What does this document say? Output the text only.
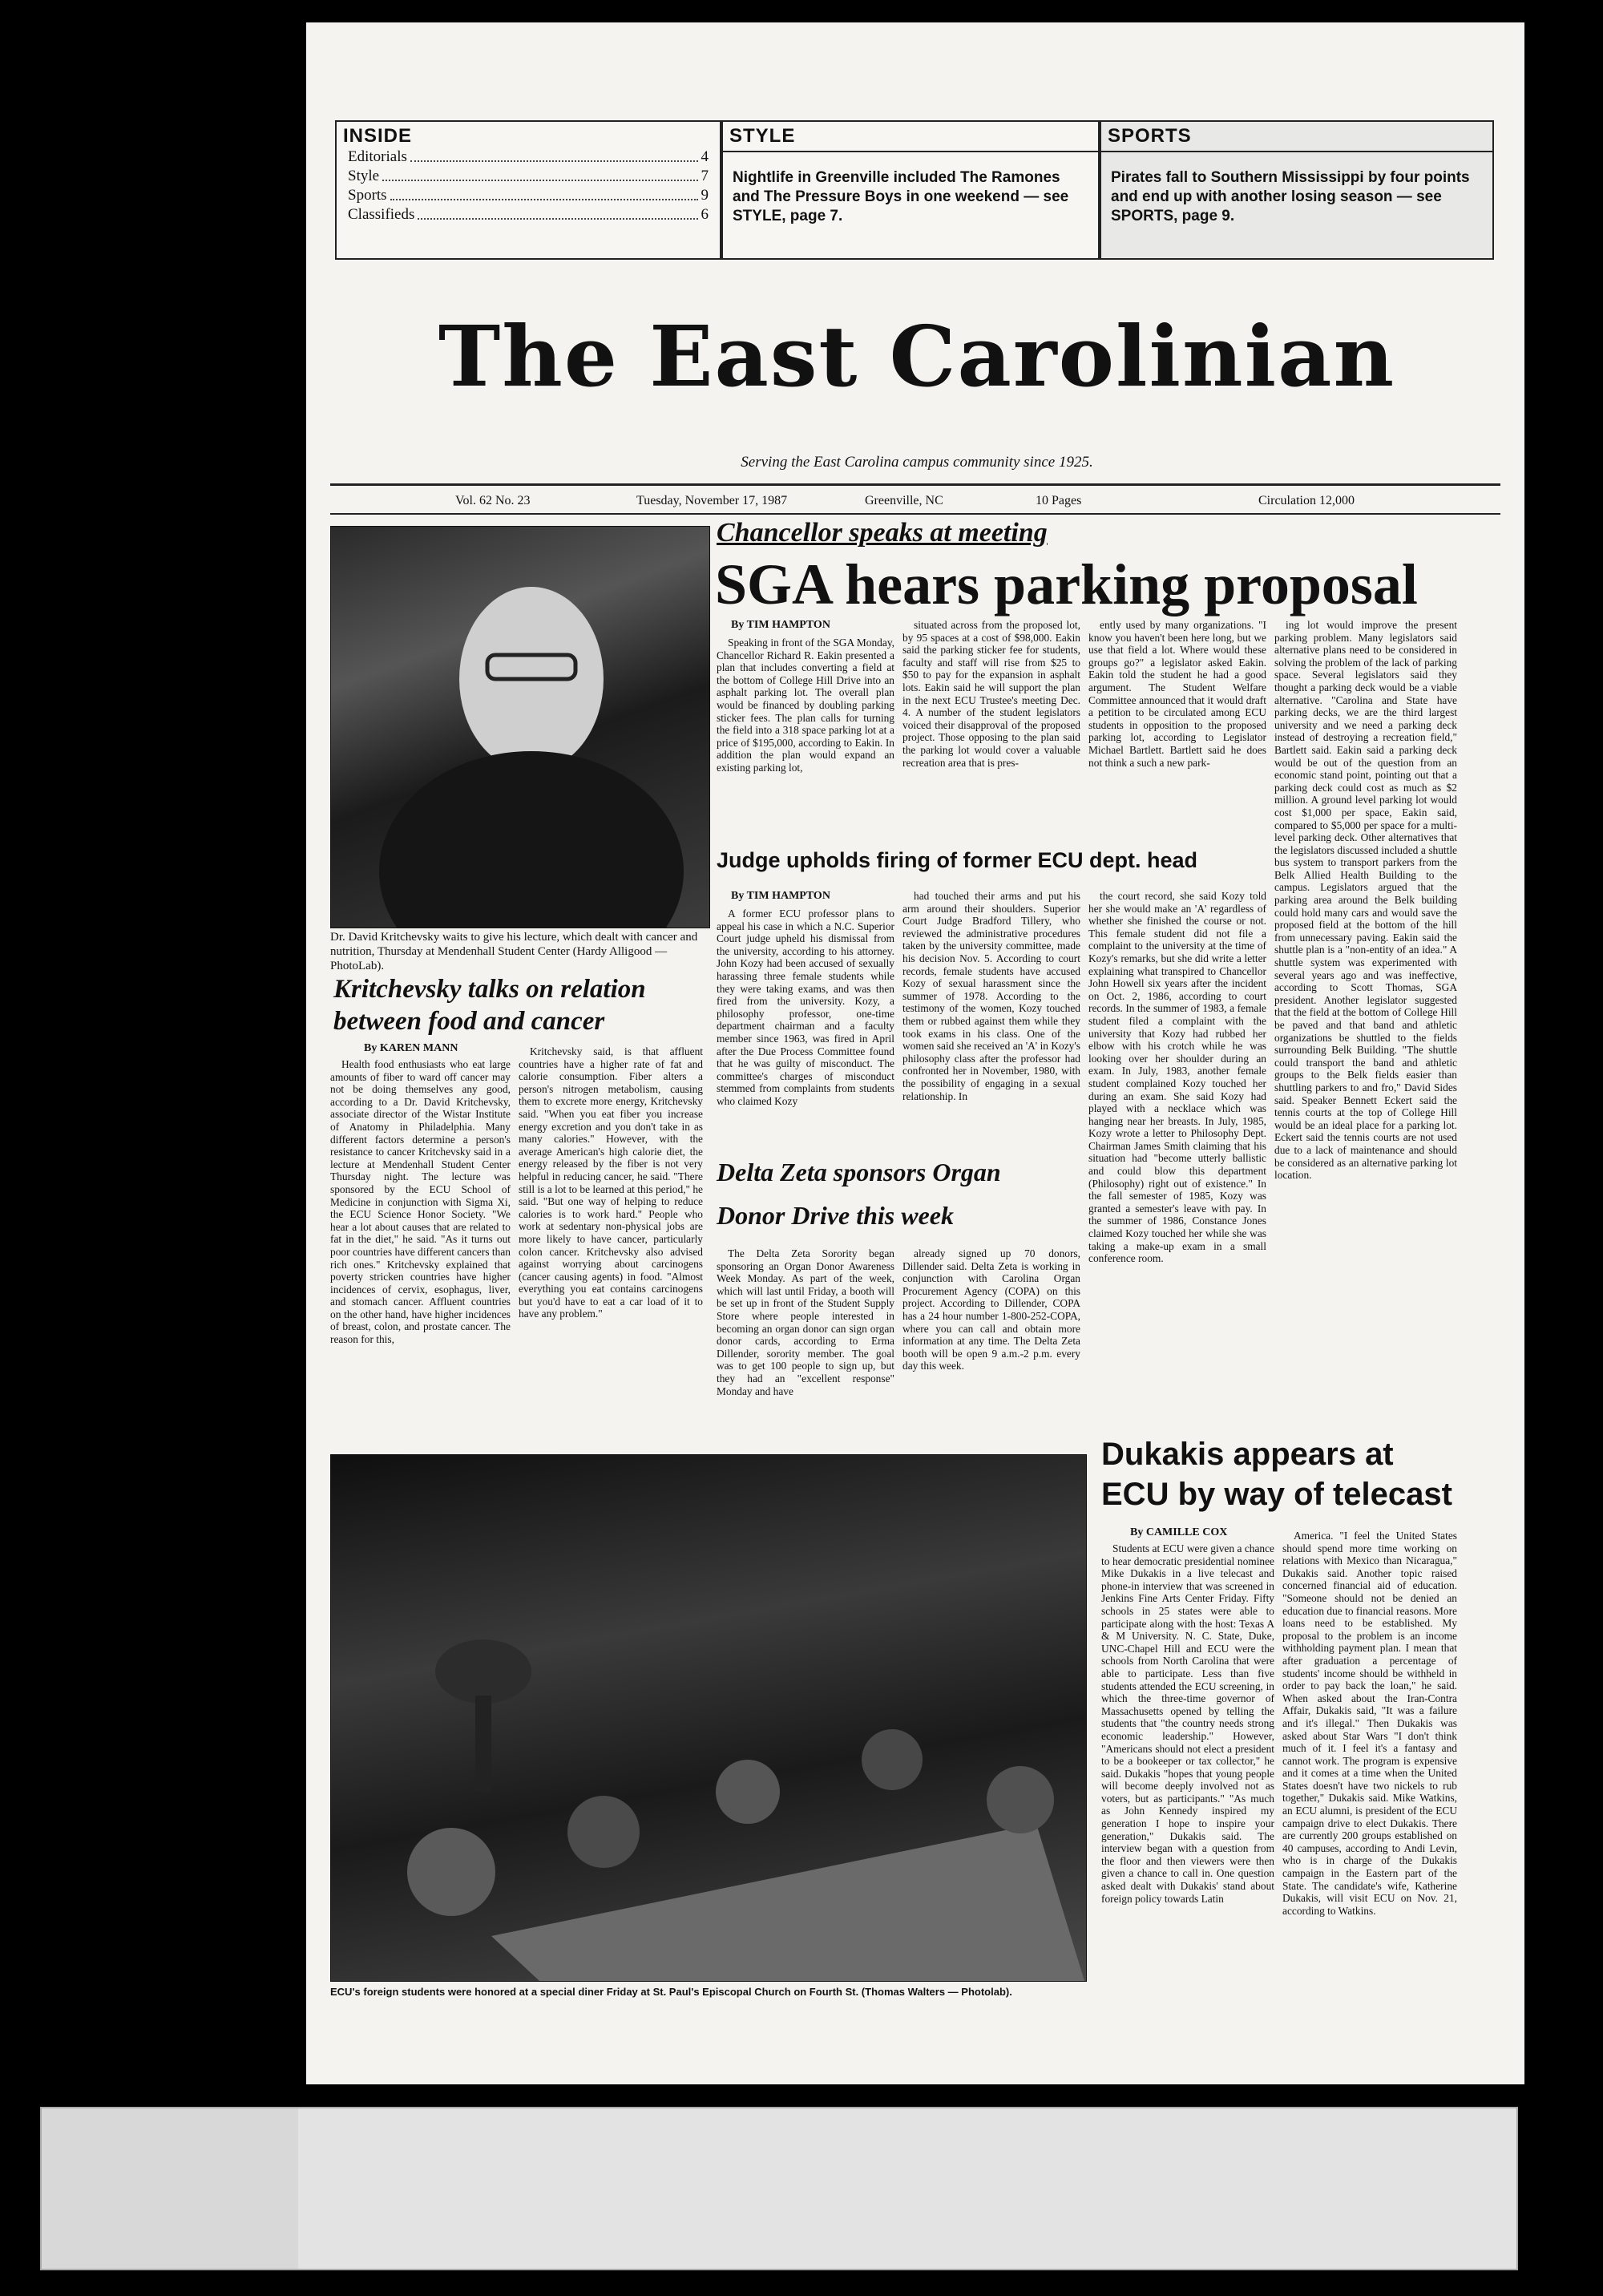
INSIDE
Editorials	4
Style	7
Sports	9
Classifieds	6
STYLE
Nightlife in Greenville included The Ramones and The Pressure Boys in one weekend — see STYLE, page 7.
SPORTS
Pirates fall to Southern Mississippi by four points and end up with another losing season — see SPORTS, page 9.
The East Carolinian
Serving the East Carolina campus community since 1925.
Vol. 62 No. 23	Tuesday, November 17, 1987	Greenville, NC	10 Pages	Circulation 12,000
Dr. David Kritchevsky waits to give his lecture, which dealt with cancer and nutrition, Thursday at Mendenhall Student Center (Hardy Alligood — PhotoLab).
Kritchevsky talks on relation between food and cancer
By KAREN MANN

Health food enthusiasts who eat large amounts of fiber to ward off cancer may not be doing themselves any good, according to a Dr. David Kritchevsky, associate director of the Wistar Institute of Anatomy in Philadelphia. Many different factors determine a person's resistance to cancer Kritchevsky said in a lecture at Mendenhall Student Center Thursday night. The lecture was sponsored by the ECU School of Medicine in conjunction with Sigma Xi, the ECU Science Honor Society. "We hear a lot about causes that are related to fat in the diet," he said. "As it turns out poor countries have different cancers than rich ones." Kritchevsky explained that poverty stricken countries have higher incidences of cervix, esophagus, liver, and stomach cancer. Affluent countries on the other hand, have higher incidences of breast, colon, and prostate cancer. The reason for this,

Kritchevsky said, is that affluent countries have a higher rate of fat and calorie consumption. Fiber alters a person's nitrogen metabolism, causing them to excrete more energy, Kritchevsky said. "When you eat fiber you increase energy excretion and you don't take in as many calories." However, with the average American's high calorie diet, the energy released by the fiber is not very helpful in reducing cancer, he said. "There still is a lot to be learned at this period," he said. "But one way of helping to reduce calories is to work hard." People who work at sedentary non-physical jobs are more likely to have cancer, particularly colon cancer. Kritchevsky also advised against worrying about carcinogens (cancer causing agents) in food. "Almost everything you eat contains carcinogens but you'd have to eat a car load of it to have any problem."

Chancellor speaks at meeting
SGA hears parking proposal
By TIM HAMPTON

Speaking in front of the SGA Monday, Chancellor Richard R. Eakin presented a plan that includes converting a field at the bottom of College Hill Drive into an asphalt parking lot. The overall plan would be financed by doubling parking sticker fees. The plan calls for turning the field into a 318 space parking lot at a price of $195,000, according to Eakin. In addition the plan would expand an existing parking lot,

situated across from the proposed lot, by 95 spaces at a cost of $98,000. Eakin said the parking sticker fee for students, faculty and staff will rise from $25 to $50 to pay for the expansion in asphalt lots. Eakin said he will support the plan in the next ECU Trustee's meeting Dec. 4. A number of the student legislators voiced their disapproval of the proposed project. Those opposing to the plan said the parking lot would cover a valuable recreation area that is pres-

ently used by many organizations. "I know you haven't been here long, but we use that field a lot. Where would these groups go?" a legislator asked Eakin. Eakin told the student he had a good argument. The Student Welfare Committee announced that it would draft a petition to be circulated among ECU students in opposition to the proposed parking lot, according to Legislator Michael Bartlett. Bartlett said he does not think a such a new park-

ing lot would improve the present parking problem. Many legislators said alternative plans need to be considered in solving the problem of the lack of parking space. Several legislators said they thought a parking deck would be a viable alternative. "Carolina and State have parking decks, we are the third largest university and we need a parking deck instead of destroying a recreation field," Bartlett said. Eakin said a parking deck would be out of the question from an economic stand point, pointing out that a parking deck could cost as much as $2 million. A ground level parking lot would cost $1,000 per space, Eakin said, compared to $5,000 per space for a multi-level parking deck. Other alternatives that the legislators discussed included a shuttle bus system to transport parkers from the Belk Allied Health Building to the campus. Legislators argued that the parking area around the Belk building could hold many cars and would save the proposed field at the bottom of the hill from unnecessary paving. Eakin said the shuttle plan is a "non-entity of an idea." A shuttle system was experimented with several years ago and was ineffective, according to Scott Thomas, SGA president. Another legislator suggested that the field at the bottom of College Hill be paved and that band and athletic organizations be shuttled to the fields surrounding Belk Building. "The shuttle could transport the band and athletic groups to the Belk fields easier than shuttling parkers to and fro," David Sides said. Speaker Bennett Eckert said the tennis courts at the top of College Hill would be an ideal place for a parking lot. Eckert said the tennis courts are not used due to a lack of maintenance and should be considered as an alternative parking lot location.

Judge upholds firing of former ECU dept. head
By TIM HAMPTON

A former ECU professor plans to appeal his case in which a N.C. Superior Court judge upheld his dismissal from the university, according to his attorney. John Kozy had been accused of sexually harassing three female students while they were taking exams, and was then fired from the university. Kozy, a philosophy professor, one-time department chairman and a faculty member since 1963, was fired in April after the Due Process Committee found that he was guilty of misconduct. The committee's charges of misconduct stemmed from complaints from students who claimed Kozy

had touched their arms and put his arm around their shoulders. Superior Court Judge Bradford Tillery, who reviewed the administrative procedures taken by the university committee, made his decision Nov. 5. According to court records, female students have accused Kozy of sexual harassment since the summer of 1978. According to the testimony of the women, Kozy touched them or rubbed against them while they took exams in his class. One of the women said she received an 'A' in Kozy's philosophy class after the professor had confronted her in November, 1980, with the possibility of engaging in a sexual relationship. In

the court record, she said Kozy told her she would make an 'A' regardless of whether she finished the course or not. This female student did not file a complaint to the university at the time of Kozy's remarks, but she did write a letter explaining what transpired to Chancellor John Howell six years after the incident on Oct. 2, 1986, according to court records. In the summer of 1983, a female student filed a complaint with the university that Kozy had rubbed her elbow with his crotch while he was looking over her shoulder during an exam. In July, 1983, another female student complained Kozy touched her during an exam. She said Kozy had played with a necklace which was hanging near her breasts. In July, 1985, Kozy wrote a letter to Philosophy Dept. Chairman James Smith claiming that his situation had "become utterly ballistic and could blow this department (Philosophy) right out of existence." In the fall semester of 1985, Kozy was granted a semester's leave with pay. In the summer of 1986, Constance Jones claimed Kozy touched her while she was taking a make-up exam in a small conference room.

Delta Zeta sponsors Organ
Donor Drive this week

The Delta Zeta Sorority began sponsoring an Organ Donor Awareness Week Monday. As part of the week, which will last until Friday, a booth will be set up in front of the Student Supply Store where people interested in becoming an organ donor can sign organ donor cards, according to Erma Dillender, sorority member. The goal was to get 100 people to sign up, but they had an "excellent response" Monday and have

already signed up 70 donors, Dillender said. Delta Zeta is working in conjunction with Carolina Organ Procurement Agency (COPA) on this project. According to Dillender, COPA has a 24 hour number 1-800-252-COPA, where you can call and obtain more information at any time. The Delta Zeta booth will be open 9 a.m.-2 p.m. every day this week.

Dukakis appears at
ECU by way of telecast
By CAMILLE COX

Students at ECU were given a chance to hear democratic presidential nominee Mike Dukakis in a live telecast and phone-in interview that was screened in Jenkins Fine Arts Center Friday. Fifty schools in 25 states were able to participate along with the host: Texas A & M University. N. C. State, Duke, UNC-Chapel Hill and ECU were the schools from North Carolina that were able to participate. Less than five students attended the ECU screening, in which the three-time governor of Massachusetts opened by telling the students that "the country needs strong economic leadership." However, "Americans should not elect a president to be a bookeeper or tax collector," he said. Dukakis "hopes that young people will become deeply involved not as voters, but as participants." "As much as John Kennedy inspired my generation I hope to inspire your generation," Dukakis said. The interview began with a question from the floor and then viewers were then given a chance to call in. One question asked dealt with Dukakis' stand about foreign policy towards Latin

America. "I feel the United States should spend more time working on relations with Mexico than Nicaragua," Dukakis said. Another topic raised concerned financial aid of education. "Someone should not be denied an education due to financial reasons. More loans need to be established. My proposal to the problem is an income withholding payment plan. I mean that after graduation a percentage of students' income should be withheld in order to pay back the loan," he said. When asked about the Iran-Contra Affair, Dukakis said, "It was a failure and it's illegal." Then Dukakis was asked about Star Wars "I don't think much of it. I feel it's a fantasy and cannot work. The program is expensive and it comes at a time when the United States doesn't have two nickels to rub together," Dukakis said. Mike Watkins, an ECU alumni, is president of the ECU campaign drive to elect Dukakis. There are currently 200 groups established on 40 campuses, according to Andi Levin, who is in charge of the Dukakis campaign in the Eastern part of the State. The candidate's wife, Katherine Dukakis, will visit ECU on Nov. 21, according to Watkins.

ECU's foreign students were honored at a special diner Friday at St. Paul's Episcopal Church on Fourth St. (Thomas Walters — Photolab).
